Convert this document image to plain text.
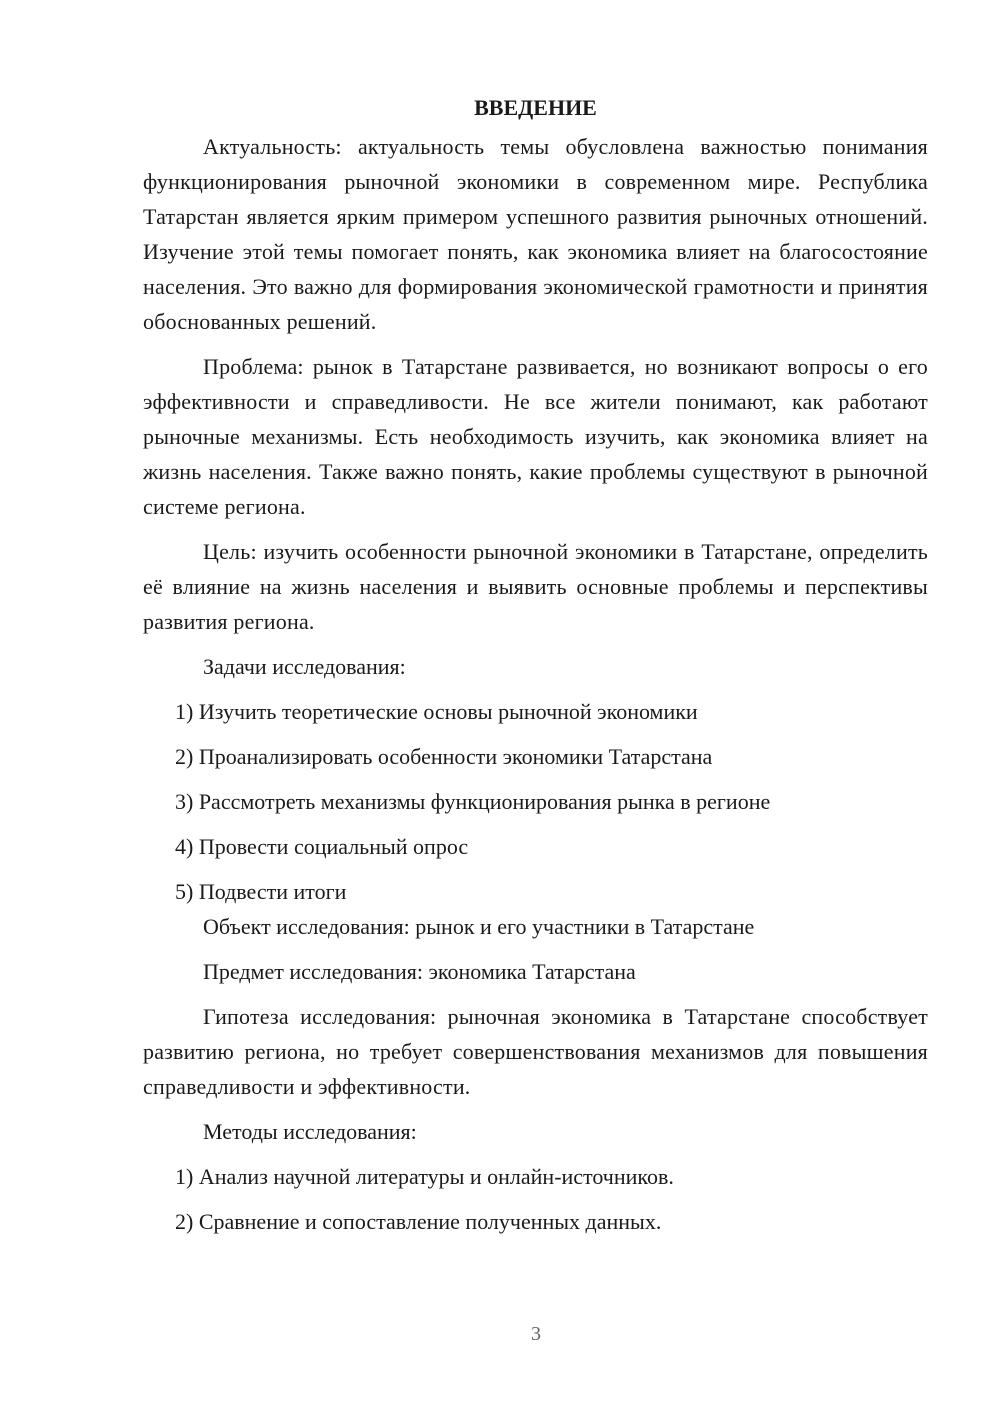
ВВЕДЕНИЕ

Актуальность: актуальность темы обусловлена важностью понимания функционирования рыночной экономики в современном мире. Республика Татарстан является ярким примером успешного развития рыночных отношений. Изучение этой темы помогает понять, как экономика влияет на благосостояние населения. Это важно для формирования экономической грамотности и принятия обоснованных решений.

Проблема: рынок в Татарстане развивается, но возникают вопросы о его эффективности и справедливости. Не все жители понимают, как работают рыночные механизмы. Есть необходимость изучить, как экономика влияет на жизнь населения. Также важно понять, какие проблемы существуют в рыночной системе региона.

Цель: изучить особенности рыночной экономики в Татарстане, определить её влияние на жизнь населения и выявить основные проблемы и перспективы развития региона.

Задачи исследования:
1) Изучить теоретические основы рыночной экономики
2) Проанализировать особенности экономики Татарстана
3) Рассмотреть механизмы функционирования рынка в регионе
4) Провести социальный опрос
5) Подвести итоги
Объект исследования: рынок и его участники в Татарстане
Предмет исследования: экономика Татарстана

Гипотеза исследования: рыночная экономика в Татарстане способствует развитию региона, но требует совершенствования механизмов для повышения справедливости и эффективности.

Методы исследования:
1) Анализ научной литературы и онлайн-источников.
2) Сравнение и сопоставление полученных данных.
3
